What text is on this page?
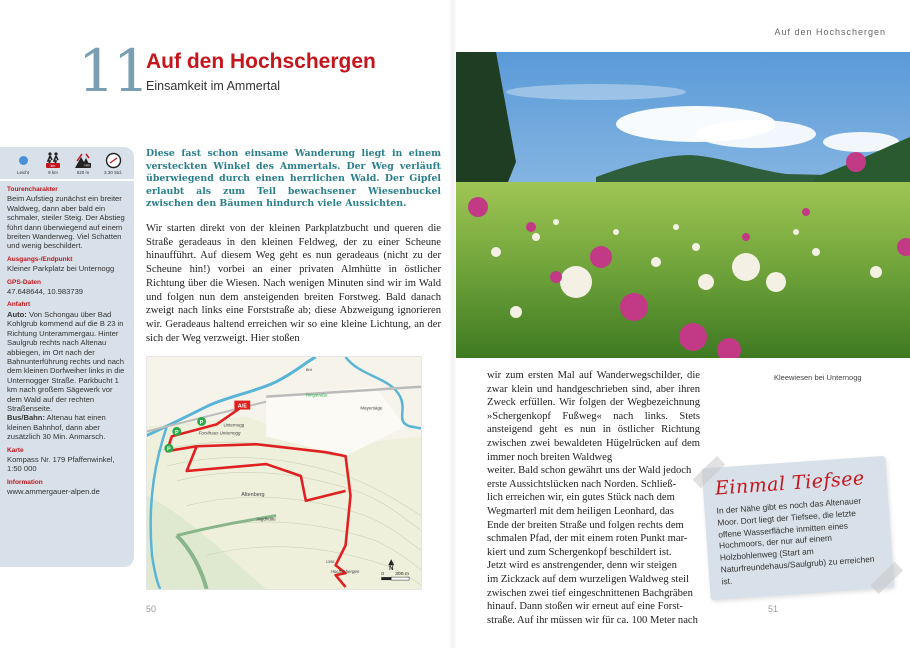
Auf den Hochschergen
11
Auf den Hochschergen
Einsamkeit im Ammertal
Leicht
km
9 km
Hm
620 m	3.30 Std.
Tourencharakter
Beim Aufstieg zunächst ein breiter Waldweg, dann aber bald ein schmaler, steiler Steig. Der Abstieg führt dann überwiegend auf einem breiten Wanderweg. Viel Schatten und wenig beschildert.
Ausgangs-/Endpunkt
Kleiner Parkplatz bei Unternogg
GPS-Daten
47.648644, 10.983739
Anfahrt
Auto: Von Schongau über Bad Kohlgrub kommend auf die B 23 in Richtung Unterammergau. Hinter Saulgrub rechts nach Altenau abbiegen, im Ort nach der Bahnunterführung rechts und nach dem kleinen Dorfweiher links in die Unternogger Straße. Parkbucht 1 km nach großem Sägewerk vor dem Wald auf der rechten Straßenseite.
Bus/Bahn: Altenau hat einen kleinen Bahnhof, dann aber zusätzlich 30 Min. Anmarsch.
Karte
Kompass Nr. 179 Pfaffenwinkel, 1:50 000
Information
www.ammergauer-alpen.de
Diese fast schon einsame Wanderung liegt in einem versteckten Winkel des Ammertals. Der Weg verläuft überwiegend durch einen herrlichen Wald. Der Gipfel erlaubt als zum Teil bewachsener Wiesenbuckel zwischen den Bäumen hindurch viele Aussichten.
Wir starten direkt von der kleinen Parkplatzbucht und queren die Straße geradeaus in den kleinen Feldweg, der zu einer Scheune hinaufführt. Auf diesem Weg geht es nun geradeaus (nicht zu der Scheune hin!) vorbei an einer privaten Almhütte in östlicher Richtung über die Wiesen. Nach wenigen Minuten sind wir im Wald und folgen nun dem ansteigenden breiten Forstweg. Bald danach zweigt nach links eine Forststraße ab; diese Abzweigung ignorieren wir. Geradeaus haltend erreichen wir so eine kleine Lichtung, an der sich der Weg verzweigt. Hier stoßen
A/E
P
P
P
Forsthaus Unternogg
Unternogg
Mayersäge
Altenberg
Jagdhütte
Hochschergen
1398
Bhf
Ringstraße
N
0 300 m
Kleewiesen bei Unternogg

wir zum ersten Mal auf Wanderwegschilder, die zwar klein und handgeschrieben sind, aber ihren Zweck erfüllen. Wir folgen der Wegbezeichnung »Schergenkopf Fußweg« nach links. Stets ansteigend geht es nun in östlicher Richtung zwischen zwei bewaldeten Hügelrücken auf dem immer noch breiten Waldweg

weiter. Bald schon gewährt uns der Wald jedoch
erste Aussichtslücken nach Norden. Schließ-
lich erreichen wir, ein gutes Stück nach dem
Wegmarterl mit dem heiligen Leonhard, das
Ende der breiten Straße und folgen rechts dem
schmalen Pfad, der mit einem roten Punkt mar-
kiert und zum Schergenkopf beschildert ist.
Jetzt wird es anstrengender, denn wir steigen
im Zickzack auf dem wurzeligen Waldweg steil
zwischen zwei tief eingeschnittenen Bachgräben
hinauf. Dann stoßen wir erneut auf eine Forst-
straße. Auf ihr müssen wir für ca. 100 Meter nach
Einmal Tiefsee
In der Nähe gibt es noch das Altenauer Moor. Dort liegt der Tiefsee, die letzte offene Wasserfläche inmitten eines Hochmoors, der nur auf einem Holzbohlenweg (Start am Naturfreundehaus/Saulgrub) zu erreichen ist.
50	51
